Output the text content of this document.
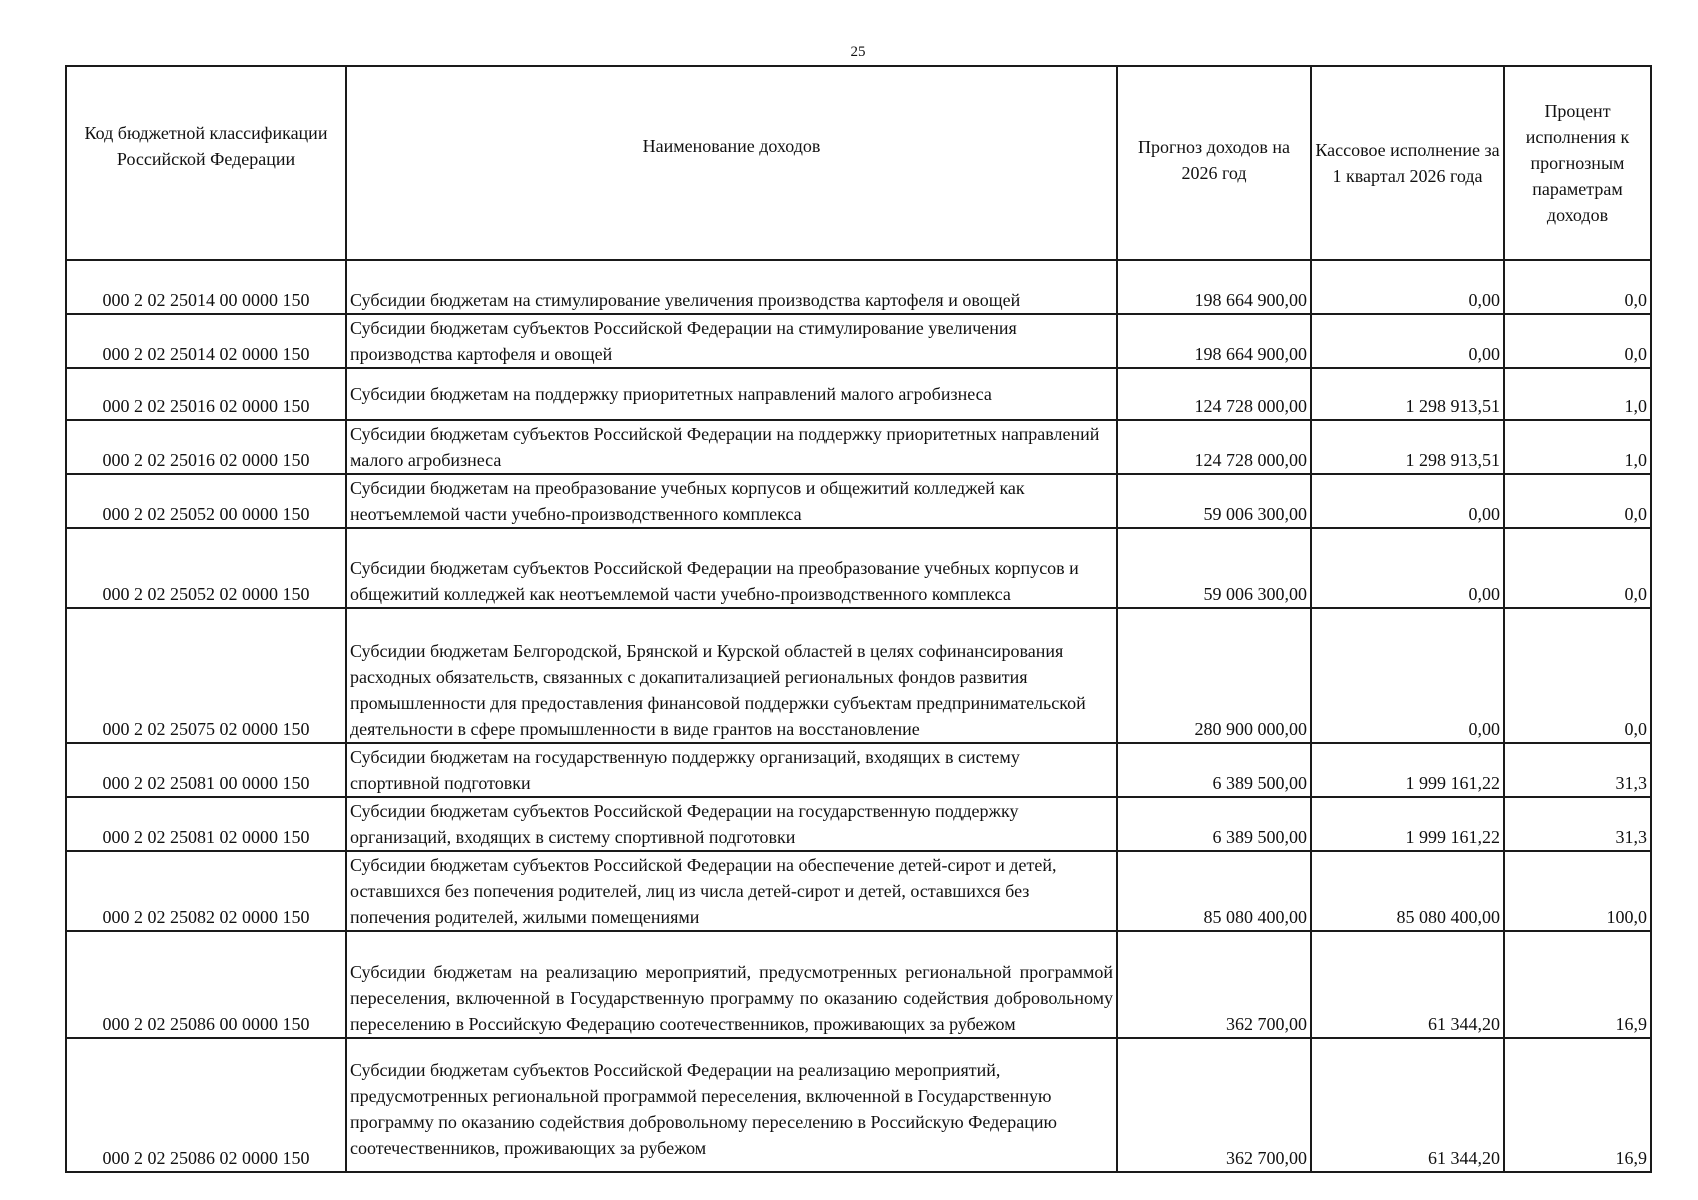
25
Код бюджетной классификации Российской Федерации	Наименование доходов	Прогноз доходов на 2026 год	Кассовое исполнение за 1 квартал 2026 года	Процент исполнения к прогнозным параметрам доходов
000 2 02 25014 00 0000 150	Субсидии бюджетам на стимулирование увеличения производства картофеля и овощей	198 664 900,00	0,00	0,0
000 2 02 25014 02 0000 150	Субсидии бюджетам субъектов Российской Федерации на стимулирование увеличения производства картофеля и овощей	198 664 900,00	0,00	0,0
000 2 02 25016 02 0000 150	Субсидии бюджетам на поддержку приоритетных направлений малого агробизнеса	124 728 000,00	1 298 913,51	1,0
000 2 02 25016 02 0000 150	Субсидии бюджетам субъектов Российской Федерации на поддержку приоритетных направлений малого агробизнеса	124 728 000,00	1 298 913,51	1,0
000 2 02 25052 00 0000 150	Субсидии бюджетам на преобразование учебных корпусов и общежитий колледжей как неотъемлемой части учебно-производственного комплекса	59 006 300,00	0,00	0,0
000 2 02 25052 02 0000 150	Субсидии бюджетам субъектов Российской Федерации на преобразование учебных корпусов и общежитий колледжей как неотъемлемой части учебно-производственного комплекса	59 006 300,00	0,00	0,0
000 2 02 25075 02 0000 150	Субсидии бюджетам Белгородской, Брянской и Курской областей в целях софинансирования расходных обязательств, связанных с докапитализацией региональных фондов развития промышленности для предоставления финансовой поддержки субъектам предпринимательской деятельности в сфере промышленности в виде грантов на восстановление	280 900 000,00	0,00	0,0
000 2 02 25081 00 0000 150	Субсидии бюджетам на государственную поддержку организаций, входящих в систему спортивной подготовки	6 389 500,00	1 999 161,22	31,3
000 2 02 25081 02 0000 150	Субсидии бюджетам субъектов Российской Федерации на государственную поддержку организаций, входящих в систему спортивной подготовки	6 389 500,00	1 999 161,22	31,3
000 2 02 25082 02 0000 150	Субсидии бюджетам субъектов Российской Федерации на обеспечение детей-сирот и детей, оставшихся без попечения родителей, лиц из числа детей-сирот и детей, оставшихся без попечения родителей, жилыми помещениями	85 080 400,00	85 080 400,00	100,0
000 2 02 25086 00 0000 150	Субсидии бюджетам на реализацию мероприятий, предусмотренных региональной программой переселения, включенной в Государственную программу по оказанию содействия добровольному переселению в Российскую Федерацию соотечественников, проживающих за рубежом	362 700,00	61 344,20	16,9
000 2 02 25086 02 0000 150	Субсидии бюджетам субъектов Российской Федерации на реализацию мероприятий, предусмотренных региональной программой переселения, включенной в Государственную программу по оказанию содействия добровольному переселению в Российскую Федерацию соотечественников, проживающих за рубежом	362 700,00	61 344,20	16,9
